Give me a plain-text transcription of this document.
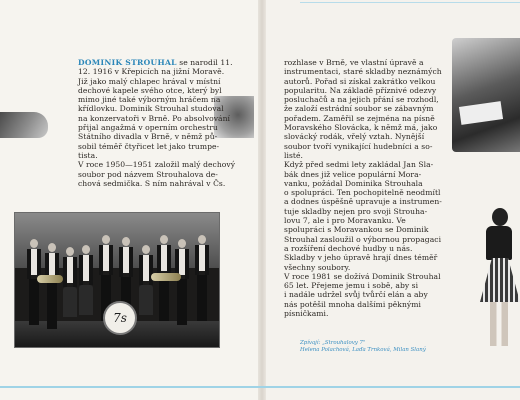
DOMINIK STROUHAL se narodil 11.
12. 1916 v Křepicích na jižní Moravě.
Již jako malý chlapec hrával v místní
dechové kapele svého otce, který byl
mimo jiné také výborným hráčem na
křídlovku. Dominik Strouhal studoval
na konzervatoři v Brně. Po absolvování
přijal angažmá v operním orchestru
Státního divadla v Brně, v němž pů-
sobil téměř čtyřicet let jako trumpe-
tista.

V roce 1950—1951 založil malý dechový
soubor pod názvem Strouhalova de-
chová sedmička. S ním nahrával v Čs.

7s

rozhlase v Brně, ve vlastní úpravě a
instrumentaci, staré skladby neznámých
autorů. Pořad si získal zakrátko velkou
popularitu. Na základě příznivé odezvy
posluchačů a na jejich přání se rozhodl,
že založí estrádní soubor se zábavným
pořadem. Zaměřil se zejména na písně
Moravského Slovácka, k němž má, jako
slovácký rodák, vřelý vztah. Nynější
soubor tvoří vynikající hudebníci a so-
listé.

Když před sedmi lety zakládal Jan Sla-
bák dnes již velice populární Mora-
vanku, požádal Dominika Strouhala
o spolupráci. Ten pochopitelně neodmítl
a dodnes úspěšně upravuje a instrumen-
tuje skladby nejen pro svoji Strouha-
lovu 7, ale i pro Moravanku. Ve
spolupráci s Moravankou se Dominik
Strouhal zasloužil o výbornou propagaci
a rozšíření dechové hudby u nás.
Skladby v jeho úpravě hrají dnes téměř
všechny soubory.

V roce 1981 se dožívá Dominik Strouhal
65 let. Přejeme jemu i sobě, aby si
i nadále udržel svůj tvůrčí elán a aby
nás potěšil mnoha dalšími pěknými
písničkami.

Zpívají: „Strouhalovy 7"
Helena Polachová, Laďa Trnková, Milan Slaný
